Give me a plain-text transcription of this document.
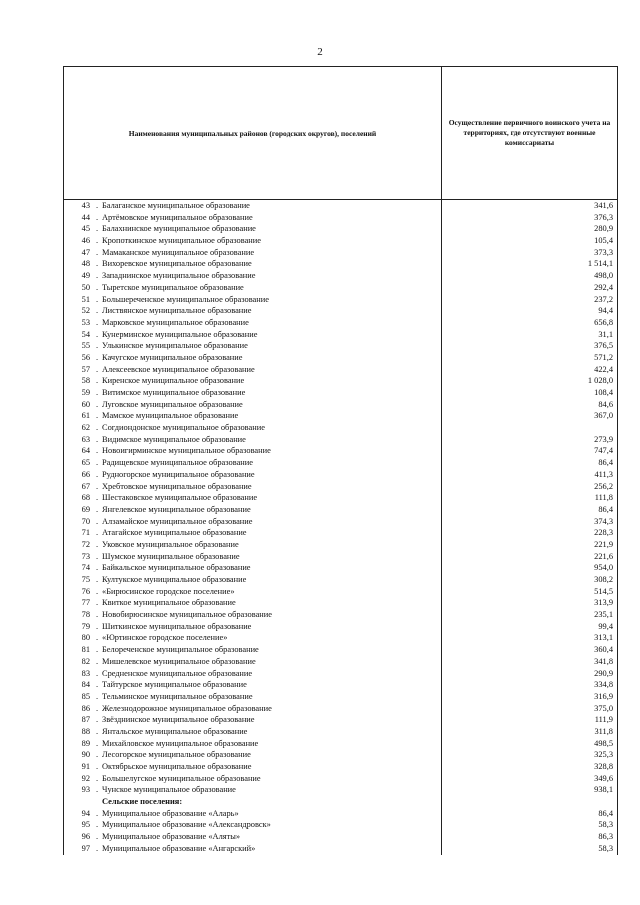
2
Наименования муниципальных районов (городских округов), поселений
Осуществление первичного воинского учета на территориях, где отсутствуют военные комиссариаты
43 . Балаганское муниципальное образование	341,6
44 . Артёмовское муниципальное образование	376,3
45 . Балахнинское муниципальное образование	280,9
46 . Кропоткинское муниципальное образование	105,4
47 . Мамаканское муниципальное образование	373,3
48 . Вихоревское муниципальное образование	1 514,1
49 . Западнинское муниципальное образование	498,0
50 . Тыретское муниципальное образование	292,4
51 . Большереченское муниципальное образование	237,2
52 . Листвянское муниципальное образование	94,4
53 . Марковское муниципальное образование	656,8
54 . Кунерминское муниципальное образование	31,1
55 . Улькинское муниципальное образование	376,5
56 . Качугское муниципальное образование	571,2
57 . Алексеевское муниципальное образование	422,4
58 . Киренское муниципальное образование	1 028,0
59 . Витимское муниципальное образование	108,4
60 . Луговское муниципальное образование	84,6
61 . Мамское муниципальное образование	367,0
62 . Согдиондонское муниципальное образование
63 . Видимское муниципальное образование	273,9
64 . Новоигирминское муниципальное образование	747,4
65 . Радищевское муниципальное образование	86,4
66 . Рудногорское муниципальное образование	411,3
67 . Хребтовское муниципальное образование	256,2
68 . Шестаковское муниципальное образование	111,8
69 . Янгелевское муниципальное образование	86,4
70 . Алзамайское муниципальное образование	374,3
71 . Атагайское муниципальное образование	228,3
72 . Уковское муниципальное образование	221,9
73 . Шумское муниципальное образование	221,6
74 . Байкальское муниципальное образование	954,0
75 . Култукское муниципальное образование	308,2
76 . «Бирюсинское городское поселение»	514,5
77 . Квиткое муниципальное образование	313,9
78 . Новобирюсинское муниципальное образование	235,1
79 . Шиткинское муниципальное образование	99,4
80 . «Юртинское городское поселение»	313,1
81 . Белореченское муниципальное образование	360,4
82 . Мишелевское муниципальное образование	341,8
83 . Средненское муниципальное образование	290,9
84 . Тайтурское муниципальное образование	334,8
85 . Тельминское муниципальное образование	316,9
86 . Железнодорожное муниципальное образование	375,0
87 . Звёзднинское муниципальное образование	111,9
88 . Янтальское муниципальное образование	311,8
89 . Михайловское муниципальное образование	498,5
90 . Лесогорское муниципальное образование	325,3
91 . Октябрьское муниципальное образование	328,8
92 . Большелугское муниципальное образование	349,6
93 . Чунское муниципальное образование	938,1
Сельские поселения:
94 . Муниципальное образование «Аларь»	86,4
95 . Муниципальное образование «Александровск»	58,3
96 . Муниципальное образование «Аляты»	86,3
97 . Муниципальное образование «Ангарский»	58,3
